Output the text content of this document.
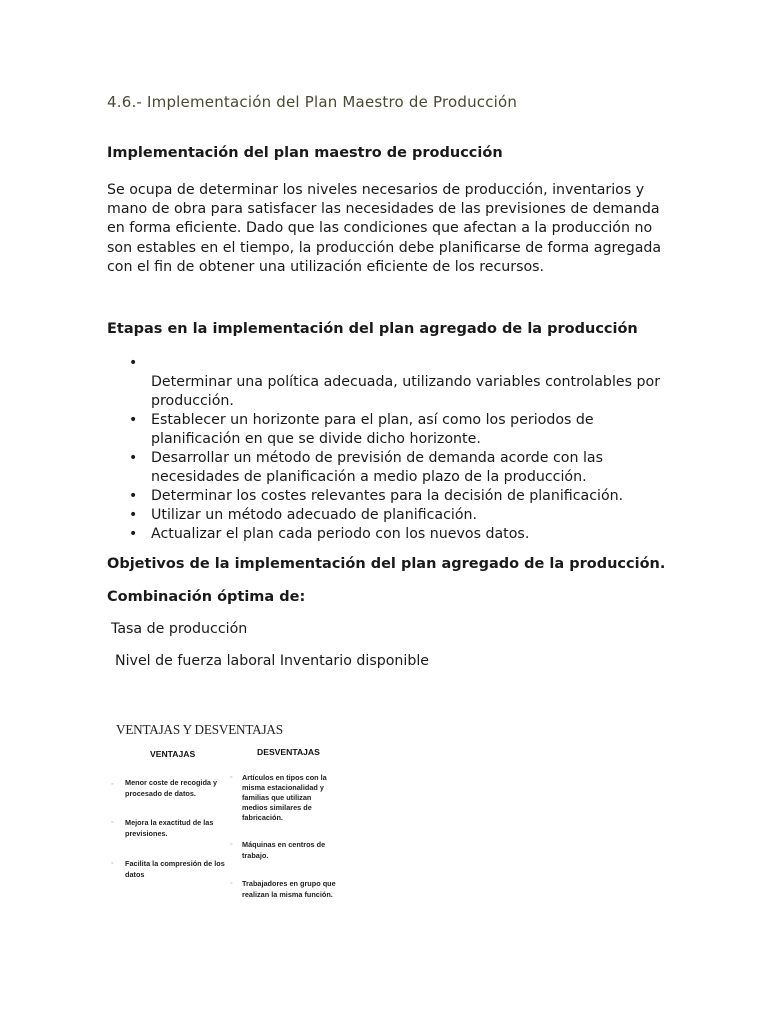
4.6.- Implementación del Plan Maestro de Producción
Implementación del plan maestro de producción

Se ocupa de determinar los niveles necesarios de producción, inventarios y
mano de obra para satisfacer las necesidades de las previsiones de demanda
en forma eficiente. Dado que las condiciones que afectan a la producción no
son estables en el tiempo, la producción debe planificarse de forma agregada
con el fin de obtener una utilización eficiente de los recursos.

Etapas en la implementación del plan agregado de la producción
• Determinar una política adecuada, utilizando variables controlables por
producción.
• Establecer un horizonte para el plan, así como los periodos de
planificación en que se divide dicho horizonte.
• Desarrollar un método de previsión de demanda acorde con las
necesidades de planificación a medio plazo de la producción.
• Determinar los costes relevantes para la decisión de planificación.
• Utilizar un método adecuado de planificación.
• Actualizar el plan cada periodo con los nuevos datos.
Objetivos de la implementación del plan agregado de la producción.
Combinación óptima de:

Tasa de producción

Nivel de fuerza laboral Inventario disponible

VENTAJAS Y DESVENTAJAS
VENTAJAS	DESVENTAJAS
◦ Menor coste de recogida y
procesado de datos.
◦ Mejora la exactitud de las
previsiones.
◦ Facilita la compresión de los
datos
◦ Artículos en tipos con la
misma estacionalidad y
familias que utilizan
medios similares de
fabricación.
◦ Máquinas en centros de
trabajo.
◦ Trabajadores en grupo que
realizan la misma función.
